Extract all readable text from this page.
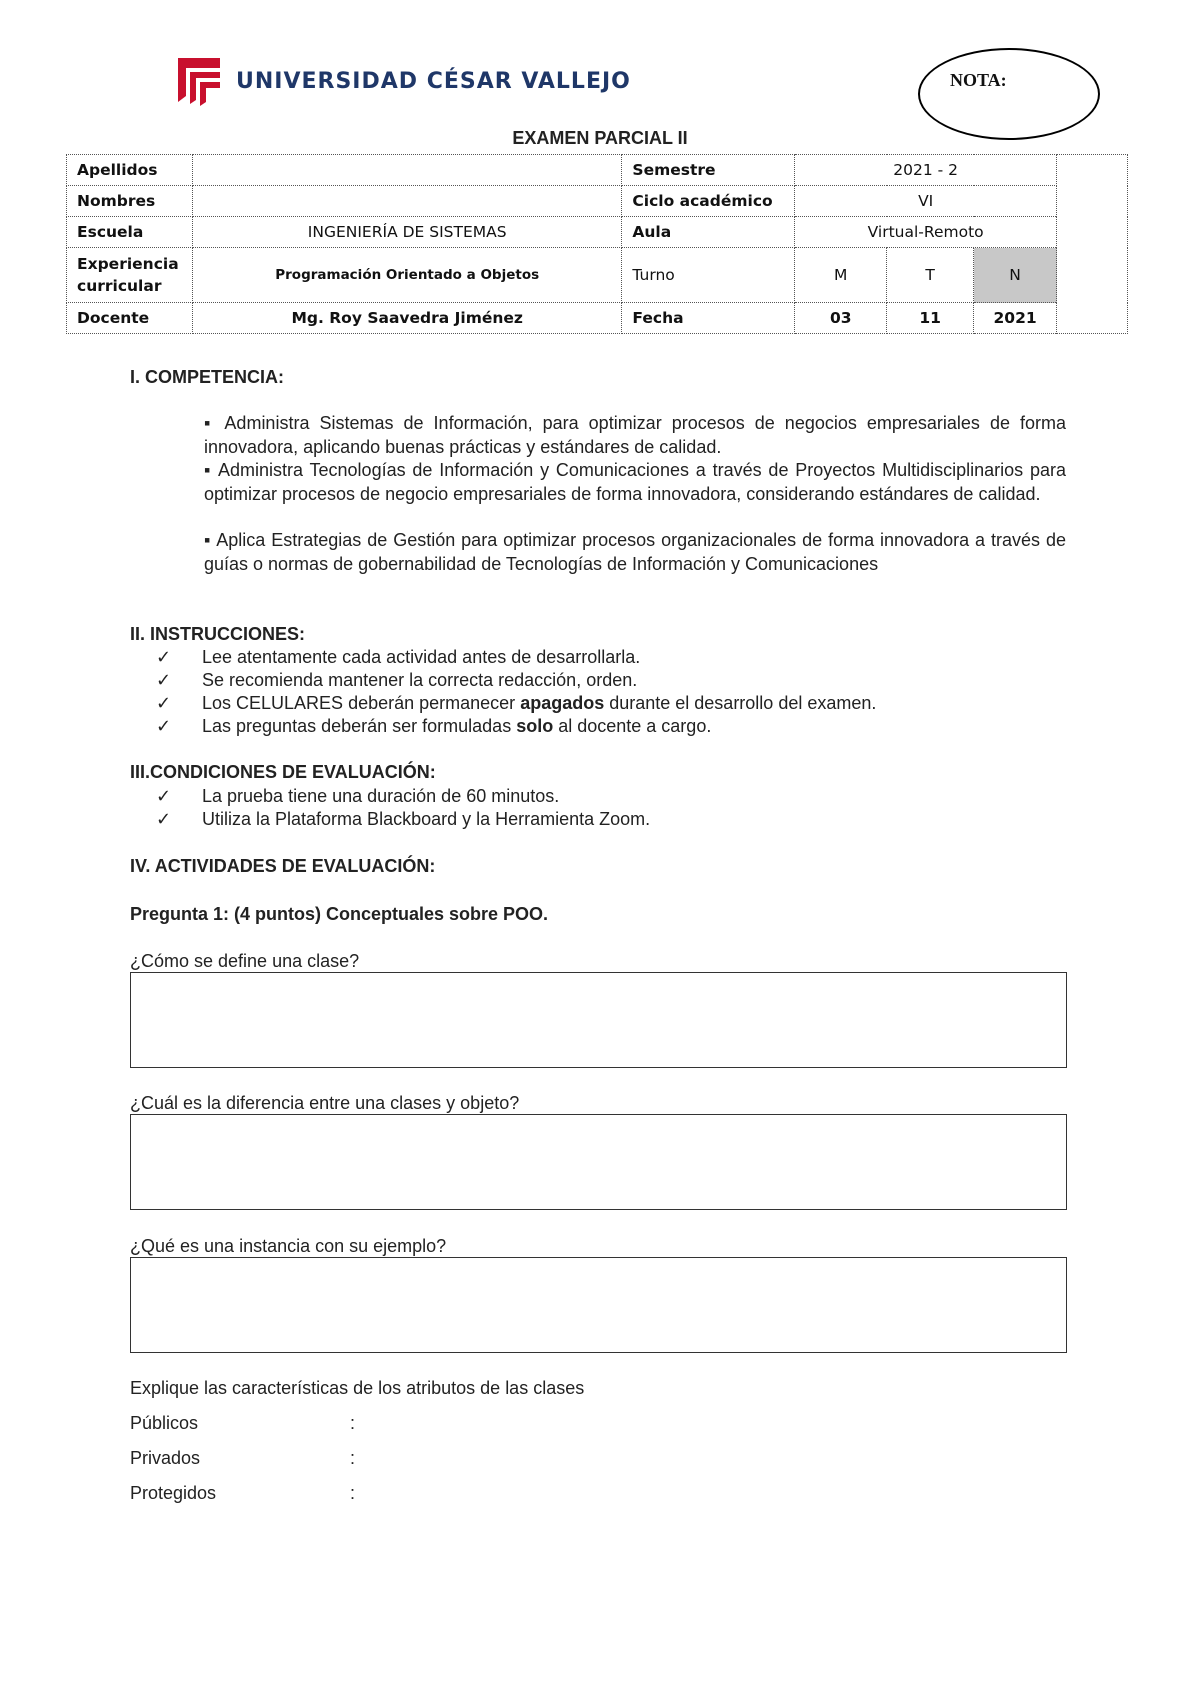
UNIVERSIDAD CÉSAR VALLEJO	NOTA:
EXAMEN PARCIAL II
Apellidos		Semestre	2021 - 2			
Nombres		Ciclo académico	VI			
Escuela	INGENIERÍA DE SISTEMAS	Aula	Virtual-Remoto			
Experiencia curricular	Programación Orientado a Objetos	Turno	M	T	N	
Docente	Mg. Roy Saavedra Jiménez	Fecha	03	11	2021	
I. COMPETENCIA:
▪ Administra Sistemas de Información, para optimizar procesos de negocios empresariales de forma innovadora, aplicando buenas prácticas y estándares de calidad.
▪ Administra Tecnologías de Información y Comunicaciones a través de Proyectos Multidisciplinarios para optimizar procesos de negocio empresariales de forma innovadora, considerando estándares de calidad.
▪ Aplica Estrategias de Gestión para optimizar procesos organizacionales de forma innovadora a través de guías o normas de gobernabilidad de Tecnologías de Información y Comunicaciones
II. INSTRUCCIONES:
✓ Lee atentamente cada actividad antes de desarrollarla.
✓ Se recomienda mantener la correcta redacción, orden.
✓ Los CELULARES deberán permanecer apagados durante el desarrollo del examen.
✓ Las preguntas deberán ser formuladas solo al docente a cargo.
III.CONDICIONES DE EVALUACIÓN:
✓ La prueba tiene una duración de 60 minutos.
✓ Utiliza la Plataforma Blackboard y la Herramienta Zoom.
IV. ACTIVIDADES DE EVALUACIÓN:
Pregunta 1: (4 puntos) Conceptuales sobre POO.
¿Cómo se define una clase?
¿Cuál es la diferencia entre una clases y objeto?
¿Qué es una instancia con su ejemplo?
Explique las características de los atributos de las clases
Públicos	:
Privados	:
Protegidos	:
